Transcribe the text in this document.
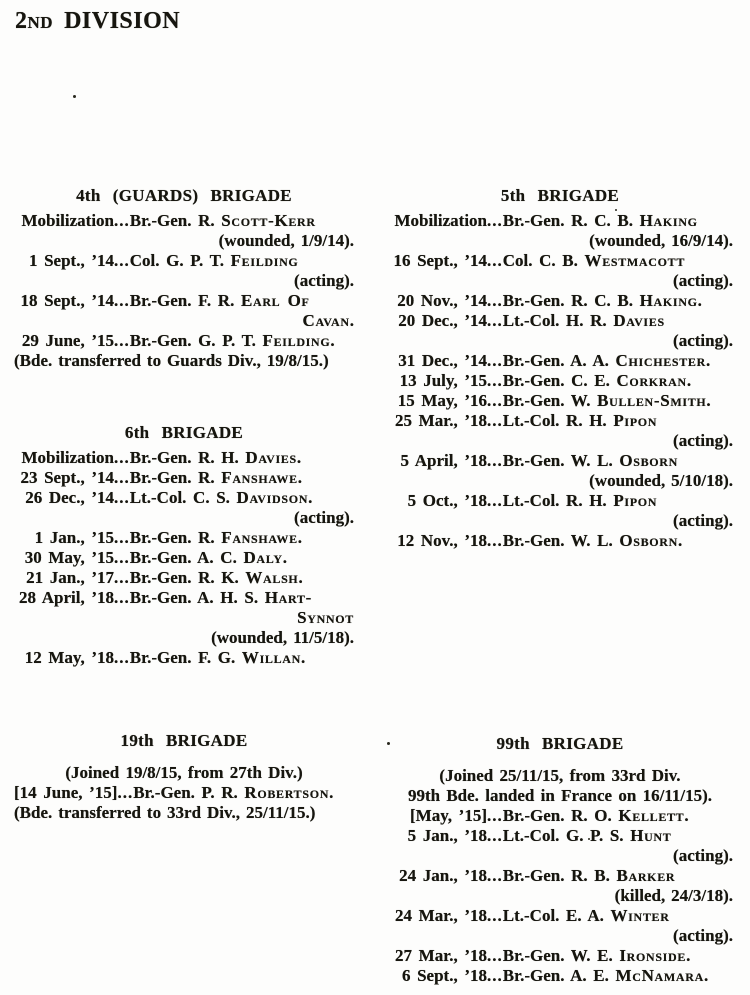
2ND DIVISION
4th (GUARDS) BRIGADE
Mobilization...Br.-Gen. R. Scott-Kerr
(wounded, 1/9/14).
1 Sept., ’14...Col. G. P. T. Feilding
(acting).
18 Sept., ’14...Br.-Gen. F. R. Earl Of
Cavan.
29 June, ’15...Br.-Gen. G. P. T. Feilding.
(Bde. transferred to Guards Div., 19/8/15.)
5th BRIGADE
Mobilization...Br.-Gen. R. C. B. Haking
(wounded, 16/9/14).
16 Sept., ’14...Col. C. B. Westmacott
(acting).
20 Nov., ’14...Br.-Gen. R. C. B. Haking.
20 Dec., ’14...Lt.-Col. H. R. Davies
(acting).
31 Dec., ’14...Br.-Gen. A. A. Chichester.
13 July, ’15...Br.-Gen. C. E. Corkran.
15 May, ’16...Br.-Gen. W. Bullen-Smith.
25 Mar., ’18...Lt.-Col. R. H. Pipon
(acting).
5 April, ’18...Br.-Gen. W. L. Osborn
(wounded, 5/10/18).
5 Oct., ’18...Lt.-Col. R. H. Pipon
(acting).
12 Nov., ’18...Br.-Gen. W. L. Osborn.
6th BRIGADE
Mobilization...Br.-Gen. R. H. Davies.
23 Sept., ’14...Br.-Gen. R. Fanshawe.
26 Dec., ’14...Lt.-Col. C. S. Davidson.
(acting).
1 Jan., ’15...Br.-Gen. R. Fanshawe.
30 May, ’15...Br.-Gen. A. C. Daly.
21 Jan., ’17...Br.-Gen. R. K. Walsh.
28 April, ’18...Br.-Gen. A. H. S. Hart-
Synnot
(wounded, 11/5/18).
12 May, ’18...Br.-Gen. F. G. Willan.
19th BRIGADE
(Joined 19/8/15, from 27th Div.)
[14 June, ’15]...Br.-Gen. P. R. Robertson.
(Bde. transferred to 33rd Div., 25/11/15.)
99th BRIGADE
(Joined 25/11/15, from 33rd Div.
99th Bde. landed in France on 16/11/15).
[May, ’15]...Br.-Gen. R. O. Kellett.
5 Jan., ’18...Lt.-Col. G. P. S. Hunt
(acting).
24 Jan., ’18...Br.-Gen. R. B. Barker
(killed, 24/3/18).
24 Mar., ’18...Lt.-Col. E. A. Winter
(acting).
27 Mar., ’18...Br.-Gen. W. E. Ironside.
6 Sept., ’18...Br.-Gen. A. E. McNamara.
